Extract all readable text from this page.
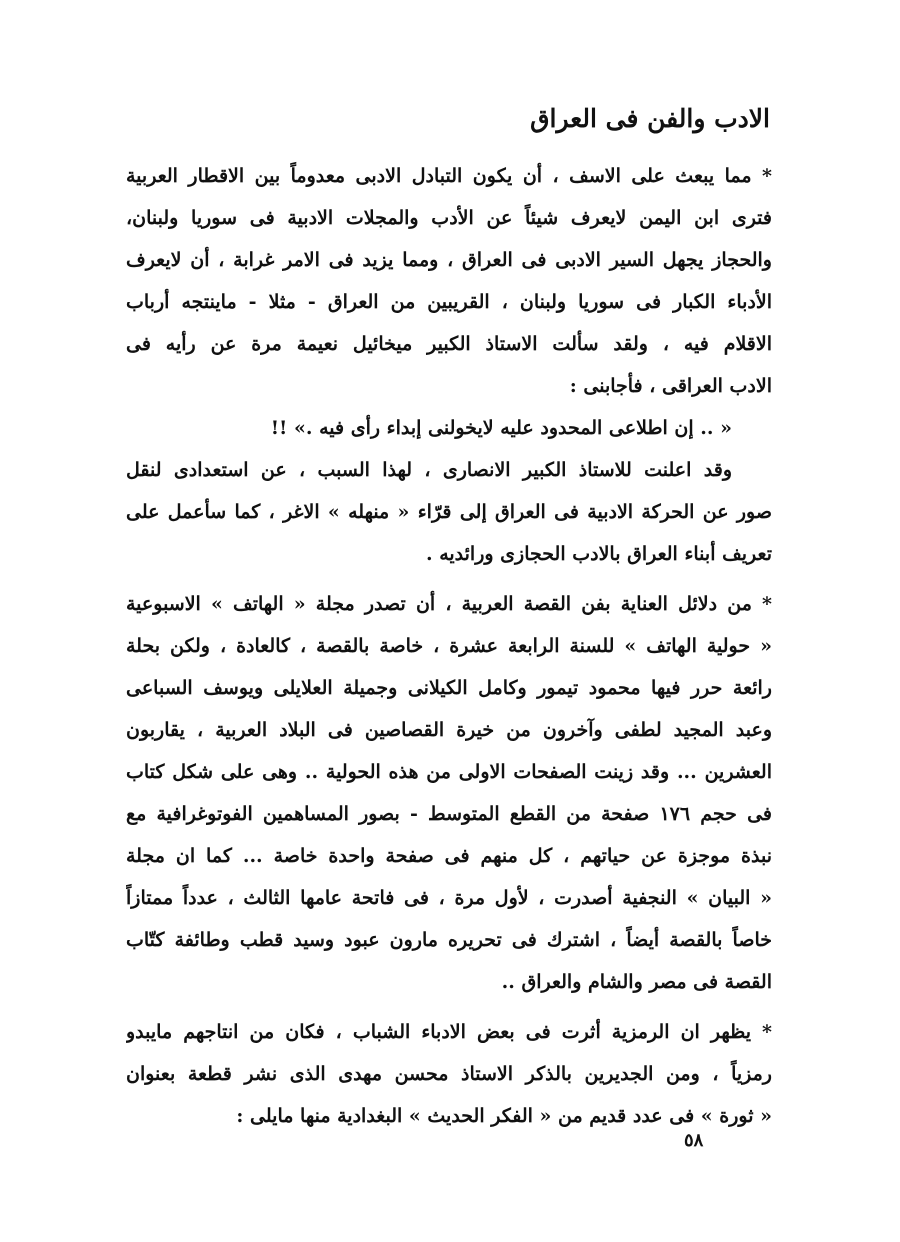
الادب والفن فى العراق
* مما يبعث على الاسف ، أن يكون التبادل الادبى معدوماً بين الاقطار العربية
فترى ابن اليمن لايعرف شيئاً عن الأدب والمجلات الادبية فى سوريا ولبنان،
والحجاز يجهل السير الادبى فى العراق ، ومما يزيد فى الامر غرابة ، أن لايعرف
الأدباء الكبار فى سوريا ولبنان ، القريبين من العراق - مثلا - ماينتجه أرباب
الاقلام فيه ، ولقد سألت الاستاذ الكبير ميخائيل نعيمة مرة عن رأيه فى
الادب العراقى ، فأجابنى :
« .. إن اطلاعى المحدود عليه لايخولنى إبداء رأى فيه .» !!
وقد اعلنت للاستاذ الكبير الانصارى ، لهذا السبب ، عن استعدادى لنقل
صور عن الحركة الادبية فى العراق إلى قرّاء « منهله » الاغر ، كما سأعمل على
تعريف أبناء العراق بالادب الحجازى ورائديه .
* من دلائل العناية بفن القصة العربية ، أن تصدر مجلة « الهاتف » الاسبوعية
« حولية الهاتف » للسنة الرابعة عشرة ، خاصة بالقصة ، كالعادة ، ولكن بحلة
رائعة حرر فيها محمود تيمور وكامل الكيلانى وجميلة العلايلى ويوسف السباعى
وعبد المجيد لطفى وآخرون من خيرة القصاصين فى البلاد العربية ، يقاربون
العشرين ... وقد زينت الصفحات الاولى من هذه الحولية .. وهى على شكل كتاب
فى حجم ١٧٦ صفحة من القطع المتوسط - بصور المساهمين الفوتوغرافية مع
نبذة موجزة عن حياتهم ، كل منهم فى صفحة واحدة خاصة ... كما ان مجلة
« البيان » النجفية أصدرت ، لأول مرة ، فى فاتحة عامها الثالث ، عدداً ممتازاً
خاصاً بالقصة أيضاً ، اشترك فى تحريره مارون عبود وسيد قطب وطائفة كتّاب
القصة فى مصر والشام والعراق ..
* يظهر ان الرمزية أثرت فى بعض الادباء الشباب ، فكان من انتاجهم مايبدو
رمزياً ، ومن الجديرين بالذكر الاستاذ محسن مهدى الذى نشر قطعة بعنوان
« ثورة » فى عدد قديم من « الفكر الحديث » البغدادية منها مايلى :
٥٨
